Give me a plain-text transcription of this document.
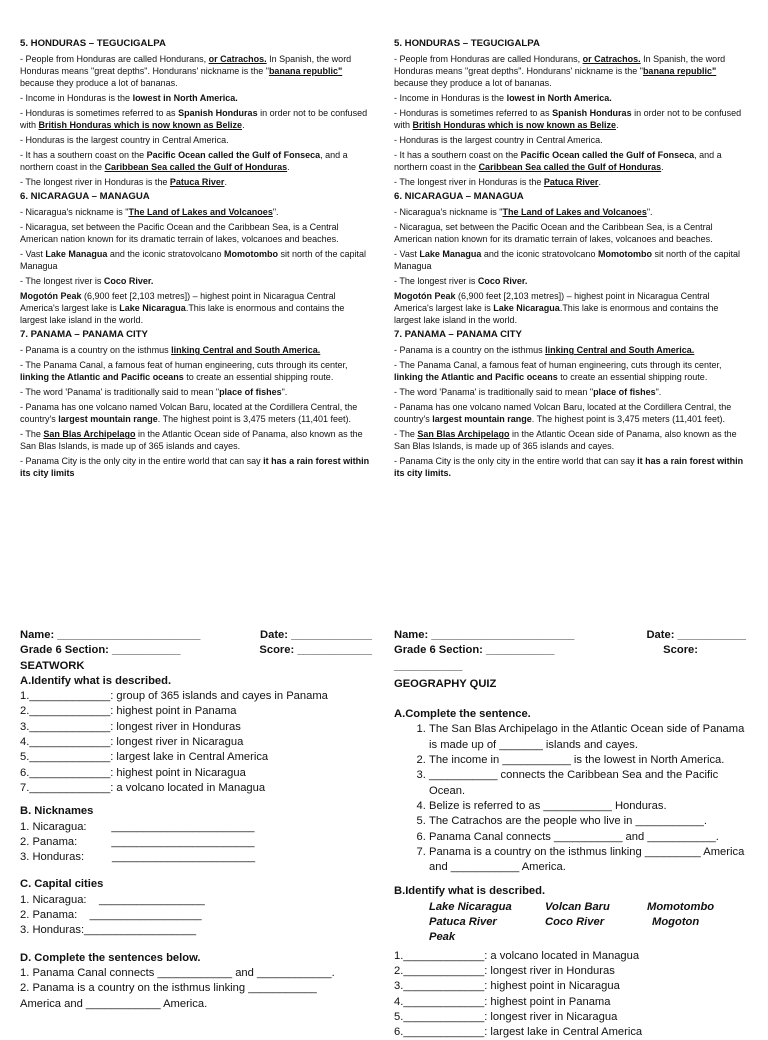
5. HONDURAS – TEGUCIGALPA

- People from Honduras are called Hondurans, or Catrachos. In Spanish, the word Honduras means "great depths". Hondurans' nickname is the "banana republic" because they produce a lot of bananas.

- Income in Honduras is the lowest in North America.

- Honduras is sometimes referred to as Spanish Honduras in order not to be confused with British Honduras which is now known as Belize.

- Honduras is the largest country in Central America.

- It has a southern coast on the Pacific Ocean called the Gulf of Fonseca, and a northern coast in the Caribbean Sea called the Gulf of Honduras.

- The longest river in Honduras is the Patuca River.

6. NICARAGUA – MANAGUA

- Nicaragua's nickname is "The Land of Lakes and Volcanoes".

- Nicaragua, set between the Pacific Ocean and the Caribbean Sea, is a Central American nation known for its dramatic terrain of lakes, volcanoes and beaches.

- Vast Lake Managua and the iconic stratovolcano Momotombo sit north of the capital Managua

- The longest river is Coco River.

Mogotón Peak (6,900 feet [2,103 metres]) – highest point in Nicaragua Central America's largest lake is Lake Nicaragua.This lake is enormous and contains the largest lake island in the world.

7. PANAMA – PANAMA CITY

- Panama is a country on the isthmus linking Central and South America.

- The Panama Canal, a famous feat of human engineering, cuts through its center, linking the Atlantic and Pacific oceans to create an essential shipping route.

- The word 'Panama' is traditionally said to mean "place of fishes".

- Panama has one volcano named Volcan Baru, located at the Cordillera Central, the country's largest mountain range. The highest point is 3,475 meters (11,401 feet).

- The San Blas Archipelago in the Atlantic Ocean side of Panama, also known as the San Blas Islands, is made up of 365 islands and cayes.

- Panama City is the only city in the entire world that can say it has a rain forest within its city limits

Name: _______________________	Date: _____________
Grade 6 Section: ___________	Score: ____________
SEATWORK
A.Identify what is described.
1._____________: group of 365 islands and cayes in Panama
2._____________: highest point in Panama
3._____________: longest river in Honduras
4._____________: longest river in Nicaragua
5._____________: largest lake in Central America
6._____________: highest point in Nicaragua
7._____________: a volcano located in Managua
B. Nicknames
1. Nicaragua:        _______________________
2. Panama:           _______________________
3. Honduras:         _______________________
C. Capital cities
1. Nicaragua:    _________________
2. Panama:    __________________
3. Honduras:__________________
D. Complete the sentences below.
1. Panama Canal connects ____________ and ____________.
2. Panama is a country on the isthmus linking ___________
America and ____________ America.
5. HONDURAS – TEGUCIGALPA

- People from Honduras are called Hondurans, or Catrachos. In Spanish, the word Honduras means "great depths". Hondurans' nickname is the "banana republic" because they produce a lot of bananas.

- Income in Honduras is the lowest in North America.

- Honduras is sometimes referred to as Spanish Honduras in order not to be confused with British Honduras which is now known as Belize.

- Honduras is the largest country in Central America.

- It has a southern coast on the Pacific Ocean called the Gulf of Fonseca, and a northern coast in the Caribbean Sea called the Gulf of Honduras.

- The longest river in Honduras is the Patuca River.

6. NICARAGUA – MANAGUA

- Nicaragua's nickname is "The Land of Lakes and Volcanoes".

- Nicaragua, set between the Pacific Ocean and the Caribbean Sea, is a Central American nation known for its dramatic terrain of lakes, volcanoes and beaches.

- Vast Lake Managua and the iconic stratovolcano Momotombo sit north of the capital Managua

- The longest river is Coco River.

Mogotón Peak (6,900 feet [2,103 metres]) – highest point in Nicaragua Central America's largest lake is Lake Nicaragua.This lake is enormous and contains the largest lake island in the world.

7. PANAMA – PANAMA CITY

- Panama is a country on the isthmus linking Central and South America.

- The Panama Canal, a famous feat of human engineering, cuts through its center, linking the Atlantic and Pacific oceans to create an essential shipping route.

- The word 'Panama' is traditionally said to mean "place of fishes".

- Panama has one volcano named Volcan Baru, located at the Cordillera Central, the country's largest mountain range. The highest point is 3,475 meters (11,401 feet).

- The San Blas Archipelago in the Atlantic Ocean side of Panama, also known as the San Blas Islands, is made up of 365 islands and cayes.

- Panama City is the only city in the entire world that can say it has a rain forest within its city limits.

Name: _______________________	Date: ___________
Grade 6 Section: ___________	Score:
___________
GEOGRAPHY QUIZ
A.Complete the sentence.
1. The San Blas Archipelago in the Atlantic Ocean side of Panama is made up of _______ islands and cayes.
2. The income in ___________ is the lowest in North America.
3. ___________ connects the Caribbean Sea and the Pacific Ocean.
4. Belize is referred to as ___________ Honduras.
5. The Catrachos are the people who live in ___________.
6. Panama Canal connects ___________ and ___________.
7. Panama is a country on the isthmus linking _________ America and ___________ America.
B.Identify what is described.
Lake Nicaragua	Volcan Baru	Momotombo
Patuca River	Coco River	Mogoton
Peak
1._____________: a volcano located in Managua
2._____________: longest river in Honduras
3._____________: highest point in Nicaragua
4._____________: highest point in Panama
5._____________: longest river in Nicaragua
6._____________: largest lake in Central America
